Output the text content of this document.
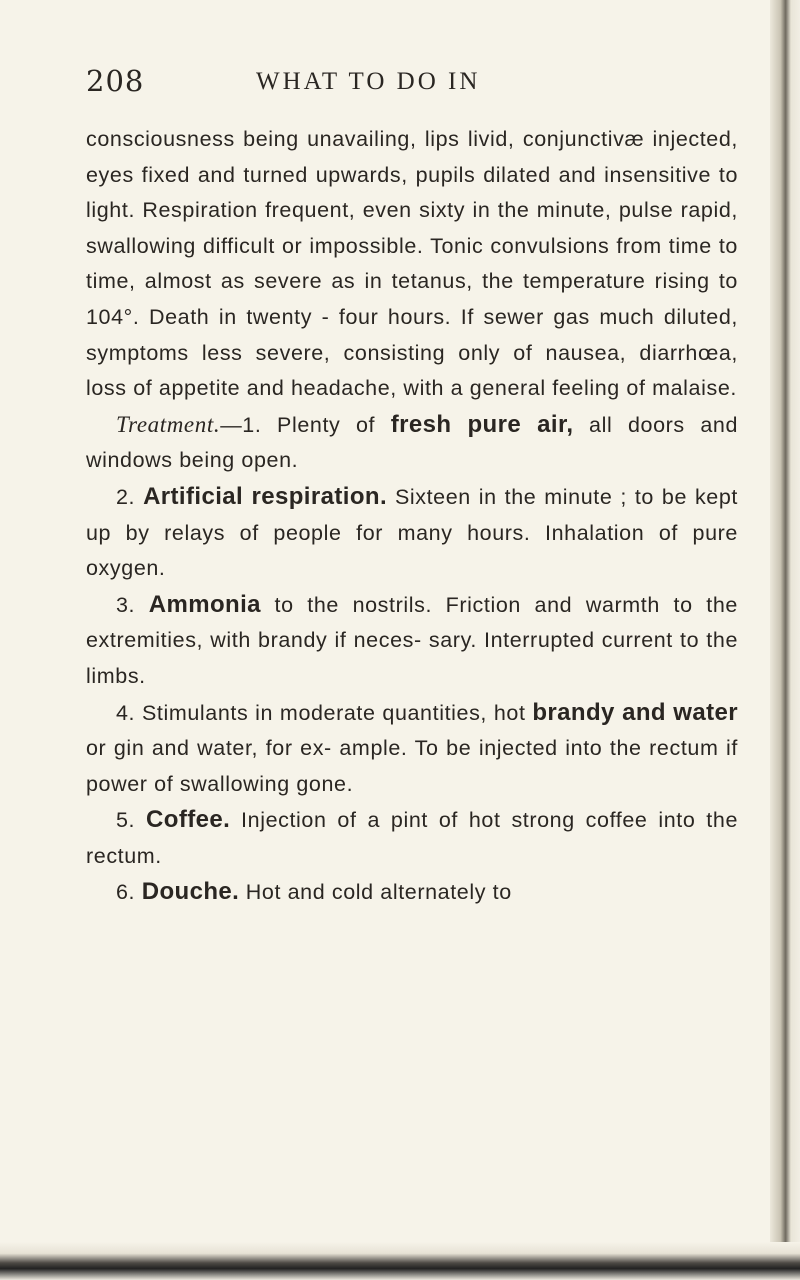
208	WHAT TO DO IN

consciousness being unavailing, lips livid, conjunctivæ injected, eyes fixed and turned upwards, pupils dilated and insensitive to light. Respiration frequent, even sixty in the minute, pulse rapid, swallowing difficult or impossible. Tonic convulsions from time to time, almost as severe as in tetanus, the temperature rising to 104°. Death in twenty - four hours. If sewer gas much diluted, symptoms less severe, consisting only of nausea, diarrhœa, loss of appetite and headache, with a general feeling of malaise.

Treatment.—1. Plenty of fresh pure air, all doors and windows being open.

2. Artificial respiration. Sixteen in the minute ; to be kept up by relays of people for many hours. Inhalation of pure oxygen.

3. Ammonia to the nostrils. Friction and warmth to the extremities, with brandy if neces- sary. Interrupted current to the limbs.

4. Stimulants in moderate quantities, hot brandy and water or gin and water, for ex- ample. To be injected into the rectum if power of swallowing gone.

5. Coffee. Injection of a pint of hot strong coffee into the rectum.

6. Douche. Hot and cold alternately to
